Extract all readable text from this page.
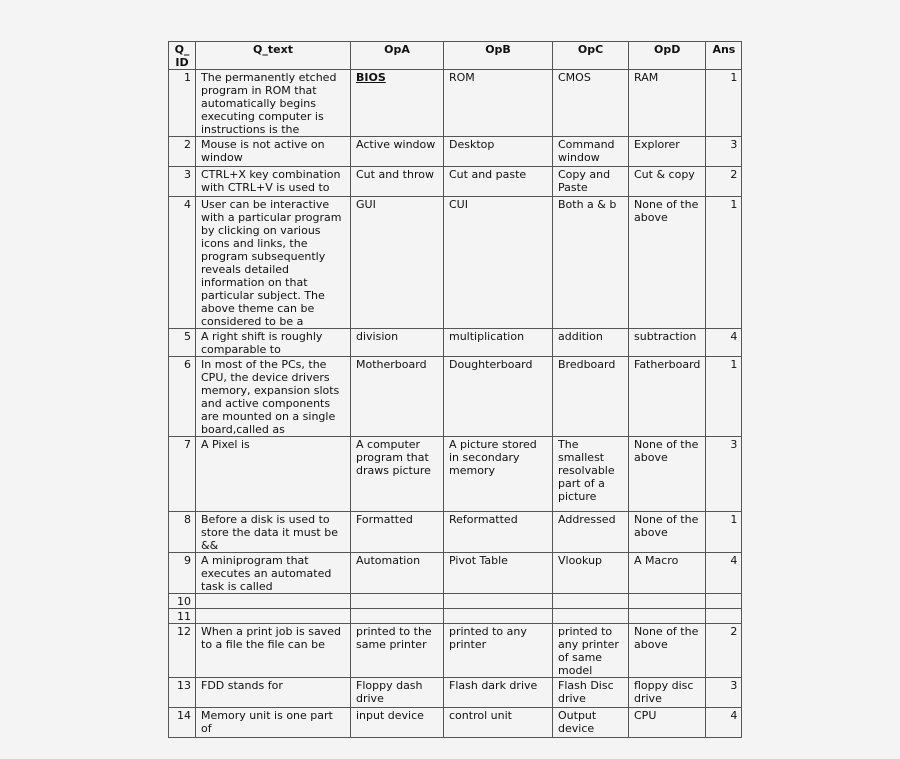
Q_ ID	Q_text	OpA	OpB	OpC	OpD	Ans
1	The permanently etched program in ROM that automatically begins executing computer is instructions is the	BIOS	ROM	CMOS	RAM	1
2	Mouse is not active on window	Active window	Desktop	Command window	Explorer	3
3	CTRL+X key combination with CTRL+V is used to	Cut and throw	Cut and paste	Copy and Paste	Cut & copy	2
4	User can be interactive with a particular program by clicking on various icons and links, the program subsequently reveals detailed information on that particular subject. The above theme can be considered to be a	GUI	CUI	Both a & b	None of the above	1
5	A right shift is roughly comparable to	division	multiplication	addition	subtraction	4
6	In most of the PCs, the CPU, the device drivers memory, expansion slots and active components are mounted on a single board,called as	Motherboard	Doughterboard	Bredboard	Fatherboard	1
7	A Pixel is	A computer program that draws picture	A picture stored in secondary memory	The smallest resolvable part of a picture	None of the above	3
8	Before a disk is used to store the data it must be &&	Formatted	Reformatted	Addressed	None of the above	1
9	A miniprogram that executes an automated task is called	Automation	Pivot Table	Vlookup	A Macro	4
10						
11						
12	When a print job is saved to a file the file can be	printed to the same printer	printed to any printer	printed to any printer of same model	None of the above	2
13	FDD stands for	Floppy dash drive	Flash dark drive	Flash Disc drive	floppy disc drive	3
14	Memory unit is one part of	input device	control unit	Output device	CPU	4
